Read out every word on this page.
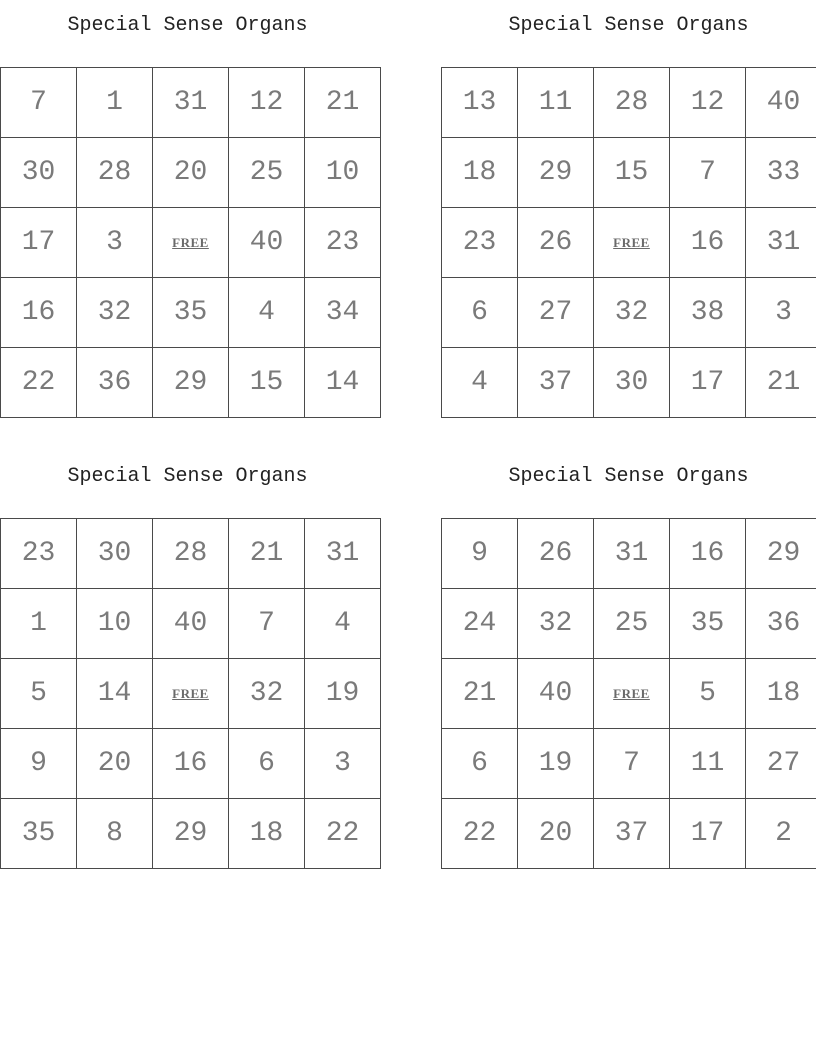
Special Sense Organs
7	1	31	12	21
30	28	20	25	10
17	3	FREE	40	23
16	32	35	4	34
22	36	29	15	14
Special Sense Organs
13	11	28	12	40
18	29	15	7	33
23	26	FREE	16	31
6	27	32	38	3
4	37	30	17	21
Special Sense Organs
23	30	28	21	31
1	10	40	7	4
5	14	FREE	32	19
9	20	16	6	3
35	8	29	18	22
Special Sense Organs
9	26	31	16	29
24	32	25	35	36
21	40	FREE	5	18
6	19	7	11	27
22	20	37	17	2
